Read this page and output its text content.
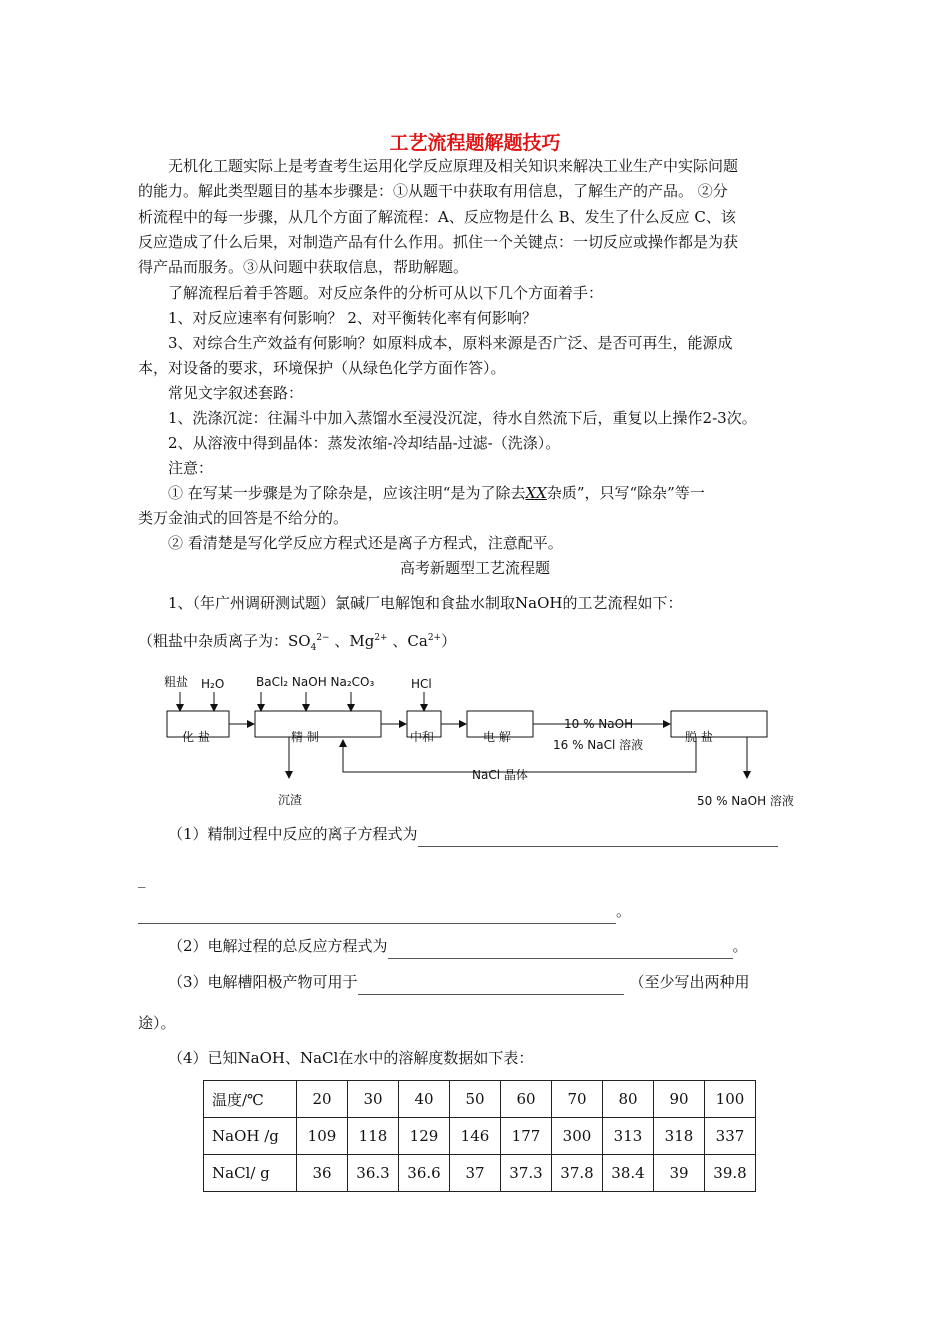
工艺流程题解题技巧
无机化工题实际上是考查考生运用化学反应原理及相关知识来解决工业生产中实际问题
的能力。解此类型题目的基本步骤是：①从题干中获取有用信息，了解生产的产品。 ②分
析流程中的每一步骤，从几个方面了解流程：A、反应物是什么 B、发生了什么反应 C、该
反应造成了什么后果，对制造产品有什么作用。抓住一个关键点：一切反应或操作都是为获
得产品而服务。③从问题中获取信息，帮助解题。
了解流程后着手答题。对反应条件的分析可从以下几个方面着手：
1、对反应速率有何影响？ 2、对平衡转化率有何影响？
3、对综合生产效益有何影响？如原料成本，原料来源是否广泛、是否可再生，能源成
本，对设备的要求，环境保护（从绿色化学方面作答）。
常见文字叙述套路：
1、洗涤沉淀：往漏斗中加入蒸馏水至浸没沉淀，待水自然流下后，重复以上操作2-3次。
2、从溶液中得到晶体：蒸发浓缩-冷却结晶-过滤-（洗涤）。
注意：
① 在写某一步骤是为了除杂是，应该注明“是为了除去XX杂质”，只写“除杂”等一
类万金油式的回答是不给分的。
② 看清楚是写化学反应方程式还是离子方程式，注意配平。
高考新题型工艺流程题
1、（年广州调研测试题）氯碱厂电解饱和食盐水制取NaOH的工艺流程如下：
（粗盐中杂质离子为：$SO_4^{2-}$ 、$Mg^{2+}$ 、$Ca^{2+}$）
粗盐 H₂O	BaCl₂ NaOH Na₂CO₃	HCl
化 盐	精 制	中和	电 解	脱 盐
10 % NaOH
16 % NaCl 溶液
NaCl 晶体
沉渣	50 % NaOH 溶液
（1）精制过程中反应的离子方程式为
_
。
（2）电解过程的总反应方程式为	。
（3）电解槽阳极产物可用于	（至少写出两种用
途）。
（4）已知NaOH、NaCl在水中的溶解度数据如下表：
温度/℃	20	30	40	50	60	70	80	90	100
NaOH /g	109	118	129	146	177	300	313	318	337
NaCl/ g	36	36.3	36.6	37	37.3	37.8	38.4	39	39.8
